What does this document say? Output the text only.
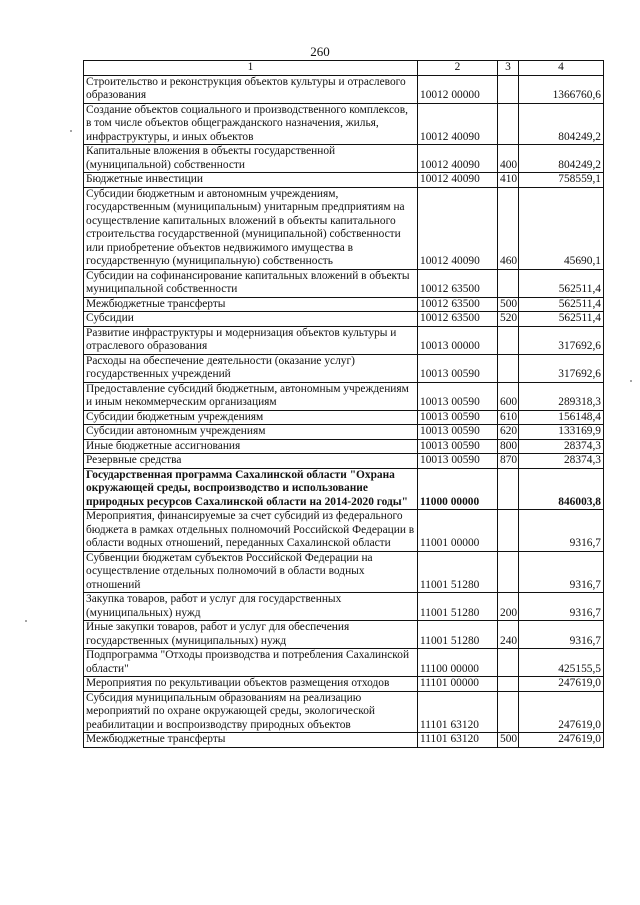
260
1	2	3	4
Строительство и реконструкция объектов культуры и отраслевого образования	10012 00000		1366760,6
Создание объектов социального и производственного комплексов, в том числе объектов общегражданского назначения, жилья, инфраструктуры, и иных объектов	10012 40090		804249,2
Капитальные вложения в объекты государственной (муниципальной) собственности	10012 40090	400	804249,2
Бюджетные инвестиции	10012 40090	410	758559,1
Субсидии бюджетным и автономным учреждениям, государственным (муниципальным) унитарным предприятиям на осуществление капитальных вложений в объекты капитального строительства государственной (муниципальной) собственности или приобретение объектов недвижимого имущества в государственную (муниципальную) собственность	10012 40090	460	45690,1
Субсидии на софинансирование капитальных вложений в объекты муниципальной собственности	10012 63500		562511,4
Межбюджетные трансферты	10012 63500	500	562511,4
Субсидии	10012 63500	520	562511,4
Развитие инфраструктуры и модернизация объектов культуры и отраслевого образования	10013 00000		317692,6
Расходы на обеспечение деятельности (оказание услуг) государственных учреждений	10013 00590		317692,6
Предоставление субсидий бюджетным, автономным учреждениям и иным некоммерческим организациям	10013 00590	600	289318,3
Субсидии бюджетным учреждениям	10013 00590	610	156148,4
Субсидии автономным учреждениям	10013 00590	620	133169,9
Иные бюджетные ассигнования	10013 00590	800	28374,3
Резервные средства	10013 00590	870	28374,3
Государственная программа Сахалинской области "Охрана окружающей среды, воспроизводство и использование природных ресурсов Сахалинской области на 2014-2020 годы"	11000 00000		846003,8
Мероприятия, финансируемые за счет субсидий из федерального бюджета в рамках отдельных полномочий Российской Федерации в области водных отношений, переданных Сахалинской области	11001 00000		9316,7
Субвенции бюджетам субъектов Российской Федерации на осуществление отдельных полномочий в области водных отношений	11001 51280		9316,7
Закупка товаров, работ и услуг для государственных (муниципальных) нужд	11001 51280	200	9316,7
Иные закупки товаров, работ и услуг для обеспечения государственных (муниципальных) нужд	11001 51280	240	9316,7
Подпрограмма "Отходы производства и потребления Сахалинской области"	11100 00000		425155,5
Мероприятия по рекультивации объектов размещения отходов	11101 00000		247619,0
Субсидия муниципальным образованиям на реализацию мероприятий по охране окружающей среды, экологической реабилитации и воспроизводству природных объектов	11101 63120		247619,0
Межбюджетные трансферты	11101 63120	500	247619,0
